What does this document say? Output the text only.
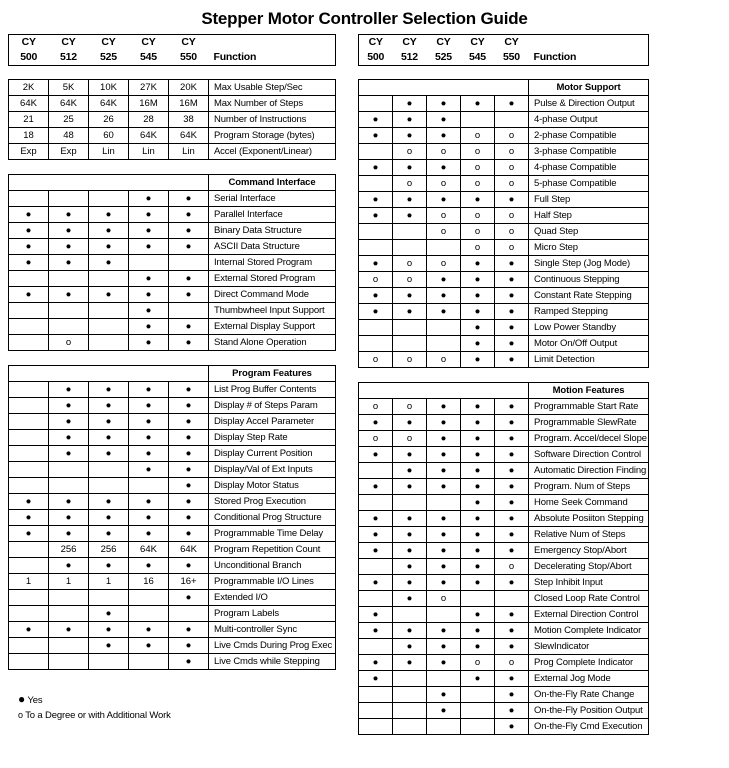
Stepper Motor Controller Selection Guide
CY	CY	CY	CY	CY	
500	512	525	545	550	Function
2K	5K	10K	27K	20K	Max Usable Step/Sec
64K	64K	64K	16M	16M	Max Number of Steps
21	25	26	28	38	Number of Instructions
18	48	60	64K	64K	Program Storage (bytes)
Exp	Exp	Lin	Lin	Lin	Accel (Exponent/Linear)
					Command Interface
			●	●	Serial Interface
●	●	●	●	●	Parallel Interface
●	●	●	●	●	Binary Data Structure
●	●	●	●	●	ASCII Data Structure
●	●	●			Internal Stored Program
			●	●	External Stored Program
●	●	●	●	●	Direct Command Mode
			●		Thumbwheel Input Support
			●	●	External Display Support
	o		●	●	Stand Alone Operation
					Program Features
	●	●	●	●	List Prog Buffer Contents
	●	●	●	●	Display # of Steps Param
	●	●	●	●	Display Accel Parameter
	●	●	●	●	Display Step Rate
	●	●	●	●	Display Current Position
			●	●	Display/Val of Ext Inputs
				●	Display Motor Status
●	●	●	●	●	Stored Prog Execution
●	●	●	●	●	Conditional Prog Structure
●	●	●	●	●	Programmable Time Delay
	256	256	64K	64K	Program Repetition Count
	●	●	●	●	Unconditional Branch
1	1	1	16	16+	Programmable I/O Lines
				●	Extended I/O
		●			Program Labels
●	●	●	●	●	Multi-controller Sync
		●	●	●	Live Cmds During Prog Exec
				●	Live Cmds while Stepping
● Yes
o To a Degree or with Additional Work
CY	CY	CY	CY	CY	
500	512	525	545	550	Function
					Motor Support
	●	●	●	●	Pulse & Direction Output
●	●	●			4-phase Output
●	●	●	o	o	2-phase Compatible
	o	o	o	o	3-phase Compatible
●	●	●	o	o	4-phase Compatible
	o	o	o	o	5-phase Compatible
●	●	●	●	●	Full Step
●	●	o	o	o	Half Step
		o	o	o	Quad Step
			o	o	Micro Step
●	o	o	●	●	Single Step (Jog Mode)
o	o	●	●	●	Continuous Stepping
●	●	●	●	●	Constant Rate Stepping
●	●	●	●	●	Ramped Stepping
			●	●	Low Power Standby
			●	●	Motor On/Off Output
o	o	o	●	●	Limit Detection
					Motion Features
o	o	●	●	●	Programmable Start Rate
●	●	●	●	●	Programmable SlewRate
o	o	●	●	●	Program. Accel/decel Slope
●	●	●	●	●	Software Direction Control
	●	●	●	●	Automatic Direction Finding
●	●	●	●	●	Program. Num of Steps
			●	●	Home Seek Command
●	●	●	●	●	Absolute Posiiton Stepping
●	●	●	●	●	Relative Num of Steps
●	●	●	●	●	Emergency Stop/Abort
	●	●	●	o	Decelerating Stop/Abort
●	●	●	●	●	Step Inhibit Input
	●	o			Closed Loop Rate Control
●			●	●	External Direction Control
●	●	●	●	●	Motion Complete Indicator
	●	●	●	●	SlewIndicator
●	●	●	o	o	Prog Complete Indicator
●			●	●	External Jog Mode
		●		●	On-the-Fly Rate Change
		●		●	On-the-Fly Position Output
				●	On-the-Fly Cmd Execution
